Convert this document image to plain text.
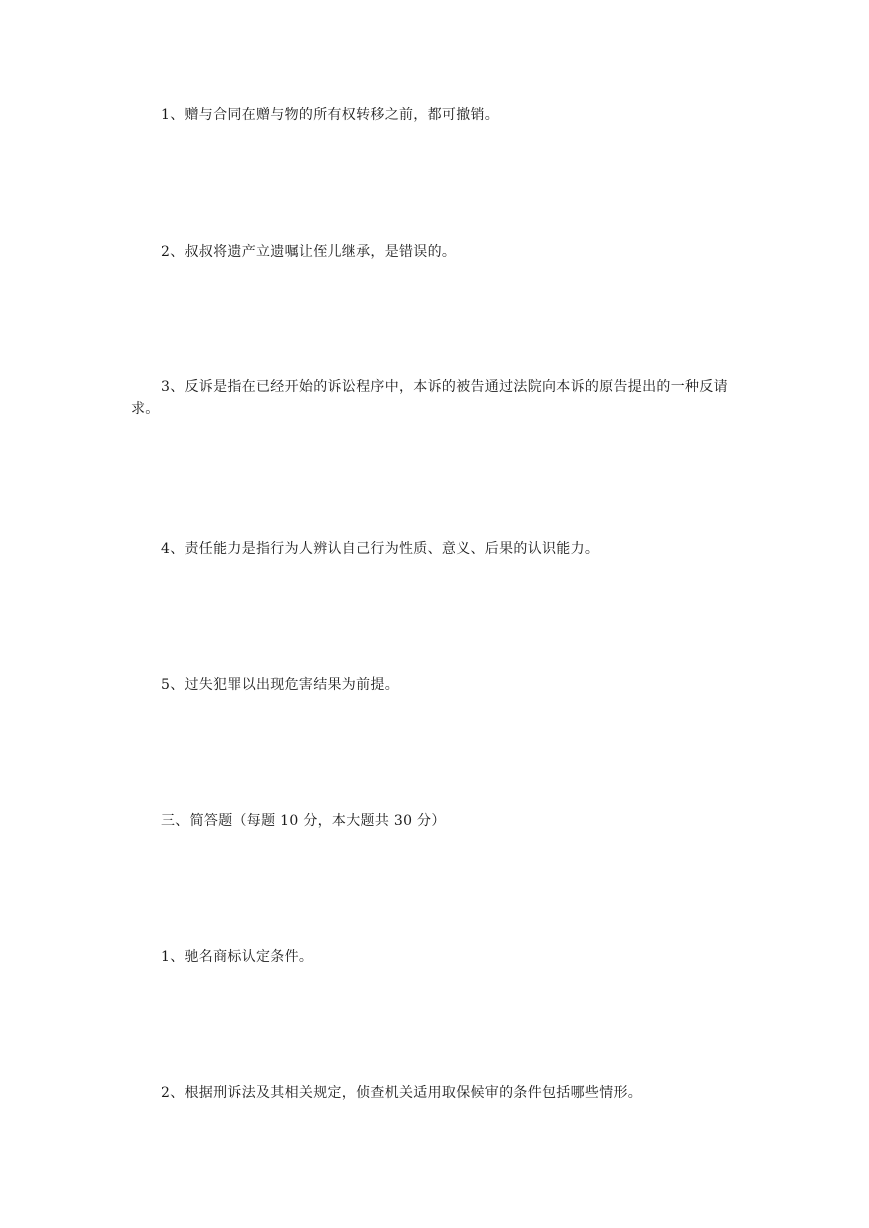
1、赠与合同在赠与物的所有权转移之前，都可撤销。

2、叔叔将遗产立遗嘱让侄儿继承，是错误的。

3、反诉是指在已经开始的诉讼程序中，本诉的被告通过法院向本诉的原告提出的一种反请求。

4、责任能力是指行为人辨认自己行为性质、意义、后果的认识能力。

5、过失犯罪以出现危害结果为前提。

三、简答题（每题 10 分，本大题共 30 分）

1、驰名商标认定条件。

2、根据刑诉法及其相关规定，侦查机关适用取保候审的条件包括哪些情形。
